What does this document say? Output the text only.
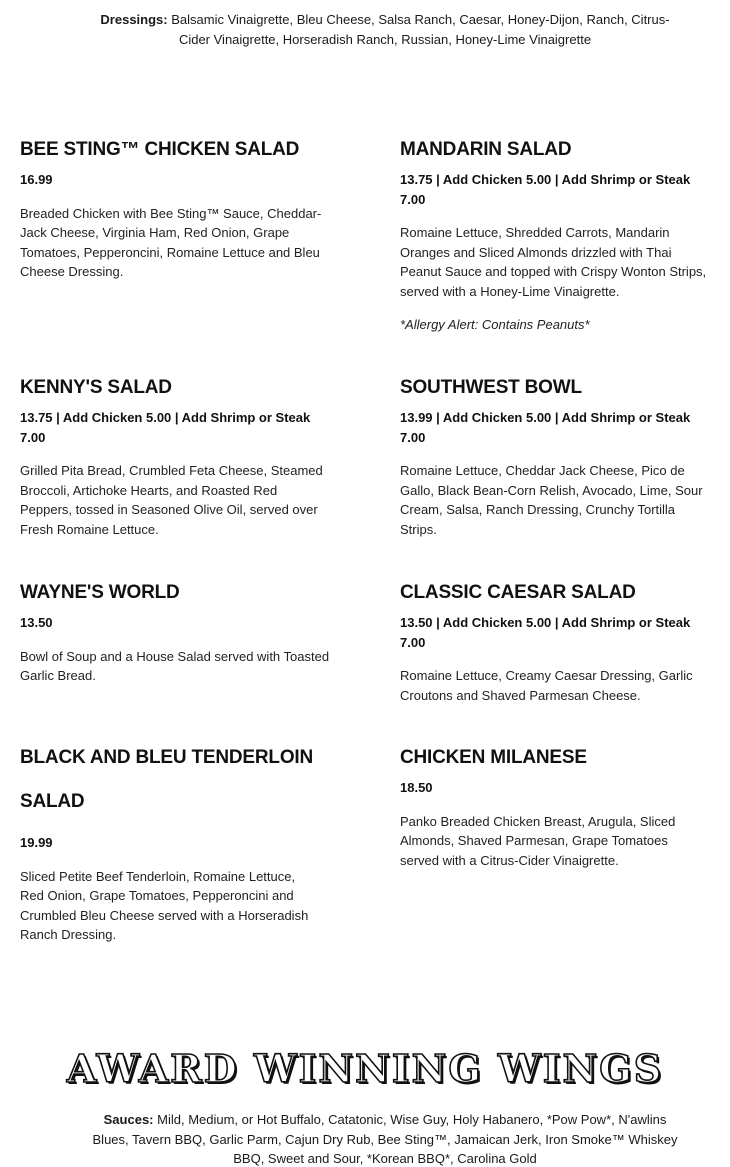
Dressings: Balsamic Vinaigrette, Bleu Cheese, Salsa Ranch, Caesar, Honey-Dijon, Ranch, Citrus-Cider Vinaigrette, Horseradish Ranch, Russian, Honey-Lime Vinaigrette
BEE STING™ CHICKEN SALAD
16.99
Breaded Chicken with Bee Sting™ Sauce, Cheddar-Jack Cheese, Virginia Ham, Red Onion, Grape Tomatoes, Pepperoncini, Romaine Lettuce and Bleu Cheese Dressing.
MANDARIN SALAD
13.75 | Add Chicken 5.00 | Add Shrimp or Steak 7.00
Romaine Lettuce, Shredded Carrots, Mandarin Oranges and Sliced Almonds drizzled with Thai Peanut Sauce and topped with Crispy Wonton Strips, served with a Honey-Lime Vinaigrette.
*Allergy Alert: Contains Peanuts*
KENNY'S SALAD
13.75 | Add Chicken 5.00 | Add Shrimp or Steak 7.00
Grilled Pita Bread, Crumbled Feta Cheese, Steamed Broccoli, Artichoke Hearts, and Roasted Red Peppers, tossed in Seasoned Olive Oil, served over Fresh Romaine Lettuce.
SOUTHWEST BOWL
13.99 | Add Chicken 5.00 | Add Shrimp or Steak 7.00
Romaine Lettuce, Cheddar Jack Cheese, Pico de Gallo, Black Bean-Corn Relish, Avocado, Lime, Sour Cream, Salsa, Ranch Dressing, Crunchy Tortilla Strips.
WAYNE'S WORLD
13.50
Bowl of Soup and a House Salad served with Toasted Garlic Bread.
CLASSIC CAESAR SALAD
13.50 | Add Chicken 5.00 | Add Shrimp or Steak 7.00
Romaine Lettuce, Creamy Caesar Dressing, Garlic Croutons and Shaved Parmesan Cheese.
BLACK AND BLEU TENDERLOIN SALAD
19.99
Sliced Petite Beef Tenderloin, Romaine Lettuce, Red Onion, Grape Tomatoes, Pepperoncini and Crumbled Bleu Cheese served with a Horseradish Ranch Dressing.
CHICKEN MILANESE
18.50
Panko Breaded Chicken Breast, Arugula, Sliced Almonds, Shaved Parmesan, Grape Tomatoes served with a Citrus-Cider Vinaigrette.
AWARD WINNING WINGS
Sauces: Mild, Medium, or Hot Buffalo, Catatonic, Wise Guy, Holy Habanero, *Pow Pow*, N'awlins Blues, Tavern BBQ, Garlic Parm, Cajun Dry Rub, Bee Sting™, Jamaican Jerk, Iron Smoke™ Whiskey BBQ, Sweet and Sour, *Korean BBQ*, Carolina Gold
